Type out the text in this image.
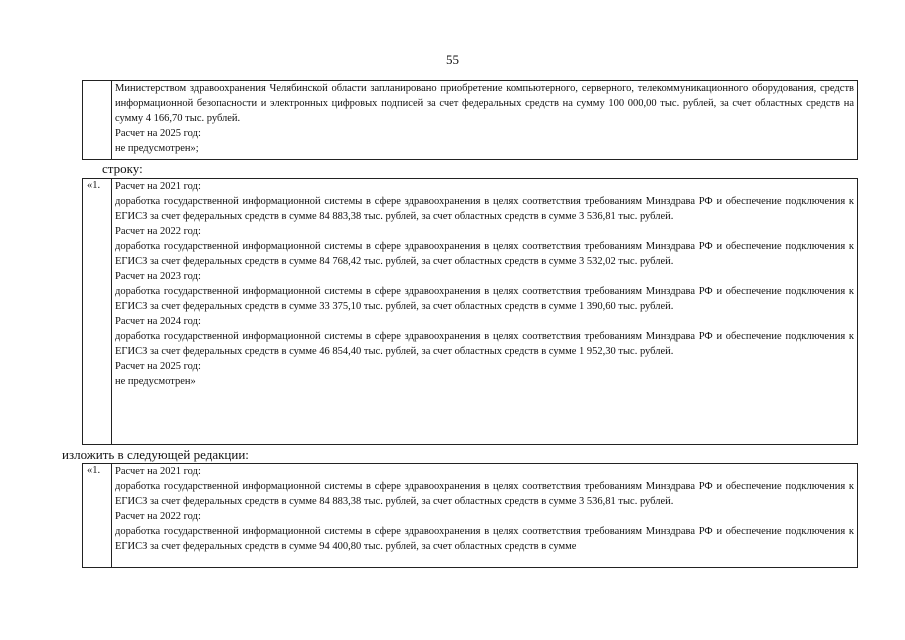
55

Министерством здравоохранения Челябинской области запланировано приобретение компьютерного, серверного, телекоммуникационного оборудования, средств информационной безопасности и электронных цифровых подписей за счет федеральных средств на сумму 100 000,00 тыс. рублей, за счет областных средств на сумму 4 166,70 тыс. рублей.

Расчет на 2025 год:

не предусмотрен»;

строку:
«1. Расчет на 2021 год:

доработка государственной информационной системы в сфере здравоохранения в целях соответствия требованиям Минздрава РФ и обеспечение подключения к ЕГИСЗ за счет федеральных средств в сумме 84 883,38 тыс. рублей, за счет областных средств в сумме 3 536,81 тыс. рублей.

Расчет на 2022 год:

доработка государственной информационной системы в сфере здравоохранения в целях соответствия требованиям Минздрава РФ и обеспечение подключения к ЕГИСЗ за счет федеральных средств в сумме 84 768,42 тыс. рублей, за счет областных средств в сумме 3 532,02 тыс. рублей.

Расчет на 2023 год:

доработка государственной информационной системы в сфере здравоохранения в целях соответствия требованиям Минздрава РФ и обеспечение подключения к ЕГИСЗ за счет федеральных средств в сумме 33 375,10 тыс. рублей, за счет областных средств в сумме 1 390,60 тыс. рублей.

Расчет на 2024 год:

доработка государственной информационной системы в сфере здравоохранения в целях соответствия требованиям Минздрава РФ и обеспечение подключения к ЕГИСЗ за счет федеральных средств в сумме 46 854,40 тыс. рублей, за счет областных средств в сумме 1 952,30 тыс. рублей.

Расчет на 2025 год:

не предусмотрен»

изложить в следующей редакции:
«1. Расчет на 2021 год:

доработка государственной информационной системы в сфере здравоохранения в целях соответствия требованиям Минздрава РФ и обеспечение подключения к ЕГИСЗ за счет федеральных средств в сумме 84 883,38 тыс. рублей, за счет областных средств в сумме 3 536,81 тыс. рублей.

Расчет на 2022 год:

доработка государственной информационной системы в сфере здравоохранения в целях соответствия требованиям Минздрава РФ и обеспечение подключения к ЕГИСЗ за счет федеральных средств в сумме 94 400,80 тыс. рублей, за счет областных средств в сумме
